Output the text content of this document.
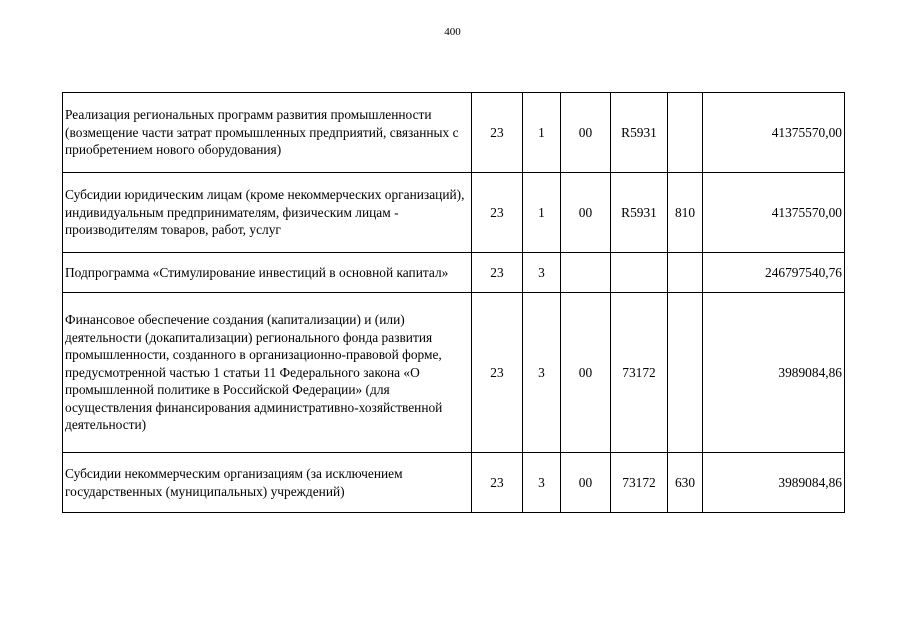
400
Реализация региональных программ развития промышленности (возмещение части затрат промышленных предприятий, связанных с приобретением нового оборудования)	23	1	00	R5931		41375570,00
Субсидии юридическим лицам (кроме некоммерческих организаций), индивидуальным предпринимателям, физическим лицам - производителям товаров, работ, услуг	23	1	00	R5931	810	41375570,00
Подпрограмма «Стимулирование инвестиций в основной капитал»	23	3				246797540,76
Финансовое обеспечение создания (капитализации) и (или) деятельности (докапитализации) регионального фонда развития промышленности, созданного в организационно-правовой форме, предусмотренной частью 1 статьи 11 Федерального закона «О промышленной политике в Российской Федерации» (для осуществления финансирования административно-хозяйственной деятельности)	23	3	00	73172		3989084,86
Субсидии некоммерческим организациям (за исключением государственных (муниципальных) учреждений)	23	3	00	73172	630	3989084,86
